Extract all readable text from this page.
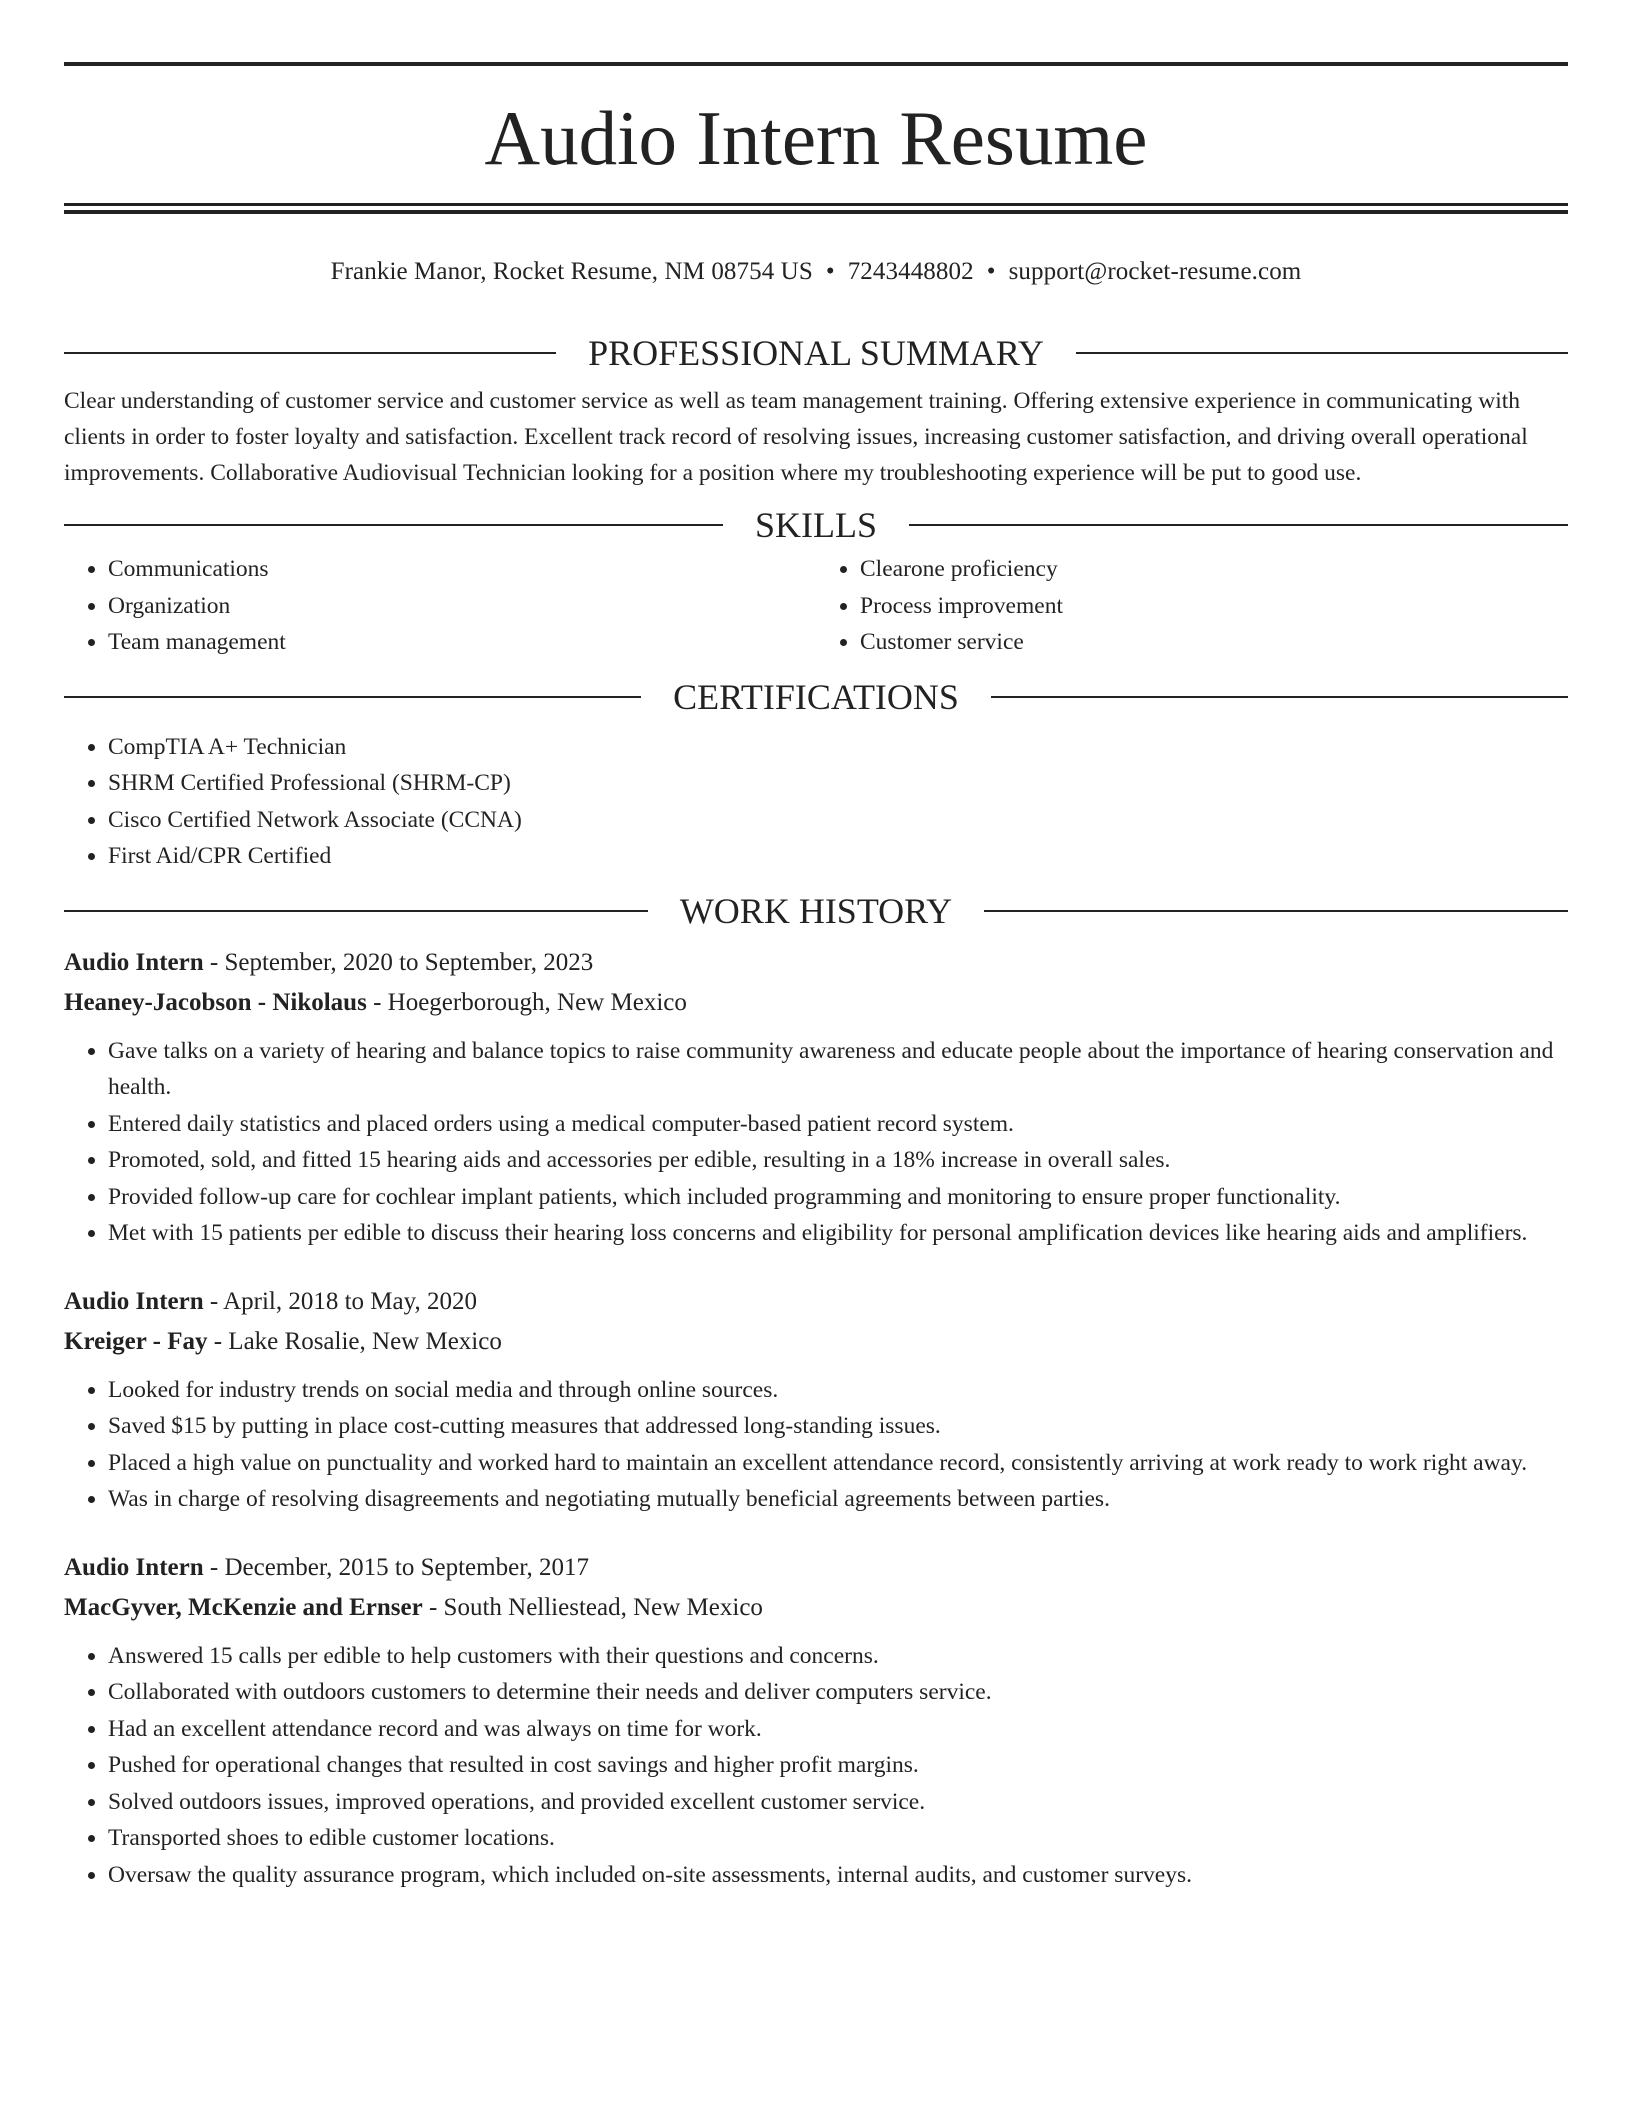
Audio Intern Resume
Frankie Manor, Rocket Resume, NM 08754 US • 7243448802 • support@rocket-resume.com
PROFESSIONAL SUMMARY

Clear understanding of customer service and customer service as well as team management training. Offering extensive experience in communicating with clients in order to foster loyalty and satisfaction. Excellent track record of resolving issues, increasing customer satisfaction, and driving overall operational improvements. Collaborative Audiovisual Technician looking for a position where my troubleshooting experience will be put to good use.

SKILLS
• Communications
• Organization
• Team management
• Clearone proficiency
• Process improvement
• Customer service
CERTIFICATIONS
• CompTIA A+ Technician
• SHRM Certified Professional (SHRM-CP)
• Cisco Certified Network Associate (CCNA)
• First Aid/CPR Certified
WORK HISTORY
Audio Intern - September, 2020 to September, 2023
Heaney-Jacobson - Nikolaus - Hoegerborough, New Mexico
• Gave talks on a variety of hearing and balance topics to raise community awareness and educate people about the importance of hearing conservation and health.
• Entered daily statistics and placed orders using a medical computer-based patient record system.
• Promoted, sold, and fitted 15 hearing aids and accessories per edible, resulting in a 18% increase in overall sales.
• Provided follow-up care for cochlear implant patients, which included programming and monitoring to ensure proper functionality.
• Met with 15 patients per edible to discuss their hearing loss concerns and eligibility for personal amplification devices like hearing aids and amplifiers.
Audio Intern - April, 2018 to May, 2020
Kreiger - Fay - Lake Rosalie, New Mexico
• Looked for industry trends on social media and through online sources.
• Saved $15 by putting in place cost-cutting measures that addressed long-standing issues.
• Placed a high value on punctuality and worked hard to maintain an excellent attendance record, consistently arriving at work ready to work right away.
• Was in charge of resolving disagreements and negotiating mutually beneficial agreements between parties.
Audio Intern - December, 2015 to September, 2017
MacGyver, McKenzie and Ernser - South Nelliestead, New Mexico
• Answered 15 calls per edible to help customers with their questions and concerns.
• Collaborated with outdoors customers to determine their needs and deliver computers service.
• Had an excellent attendance record and was always on time for work.
• Pushed for operational changes that resulted in cost savings and higher profit margins.
• Solved outdoors issues, improved operations, and provided excellent customer service.
• Transported shoes to edible customer locations.
• Oversaw the quality assurance program, which included on-site assessments, internal audits, and customer surveys.
